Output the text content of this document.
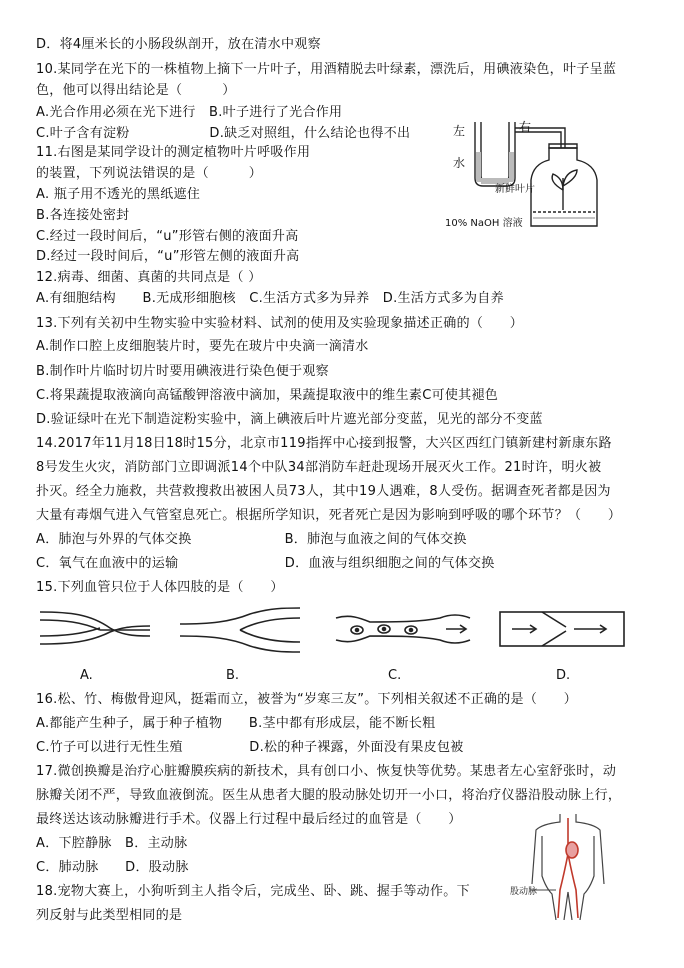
D．将4厘米长的小肠段纵剖开，放在清水中观察
10.某同学在光下的一株植物上摘下一片叶子，用酒精脱去叶绿素，漂洗后，用碘液染色，叶子呈蓝
色，他可以得出结论是（　　　）
A.光合作用必须在光下进行　B.叶子进行了光合作用
C.叶子含有淀粉　　　　　　D.缺乏对照组，什么结论也得不出
11.右图是某同学设计的测定植物叶片呼吸作用
的装置，下列说法错误的是（　　　）
A. 瓶子用不透光的黑纸遮住
B.各连接处密封
C.经过一段时间后，“u”形管右侧的液面升高
D.经过一段时间后，“u”形管左侧的液面升高
12.病毒、细菌、真菌的共同点是（ ）
A.有细胞结构　　B.无成形细胞核　C.生活方式多为异养　D.生活方式多为自养
13.下列有关初中生物实验中实验材料、试剂的使用及实验现象描述正确的（　　）
A.制作口腔上皮细胞装片时，要先在玻片中央滴一滴清水
B.制作叶片临时切片时要用碘液进行染色便于观察
C.将果蔬提取液滴向高锰酸钾溶液中滴加，果蔬提取液中的维生素C可使其褪色
D.验证绿叶在光下制造淀粉实验中，滴上碘液后叶片遮光部分变蓝，见光的部分不变蓝
14.2017年11月18日18时15分，北京市119指挥中心接到报警，大兴区西红门镇新建村新康东路
8号发生火灾，消防部门立即调派14个中队34部消防车赶赴现场开展灭火工作。21时许，明火被
扑灭。经全力施救，共营救搜救出被困人员73人，其中19人遇难，8人受伤。据调查死者都是因为
大量有毒烟气进入气管窒息死亡。根据所学知识，死者死亡是因为影响到呼吸的哪个环节？（　　）
A．肺泡与外界的气体交换　　　　　　　B．肺泡与血液之间的气体交换
C．氧气在血液中的运输　　　　　　　　D．血液与组织细胞之间的气体交换
15.下列血管只位于人体四肢的是（　　）
A.	B.	C.	D.
16.松、竹、梅傲骨迎风，挺霜而立，被誉为“岁寒三友”。下列相关叙述不正确的是（　　）
A.都能产生种子，属于种子植物　　B.茎中都有形成层，能不断长粗
C.竹子可以进行无性生殖　　　　　D.松的种子裸露，外面没有果皮包被
17.微创换瓣是治疗心脏瓣膜疾病的新技术，具有创口小、恢复快等优势。某患者左心室舒张时，动
脉瓣关闭不严，导致血液倒流。医生从患者大腿的股动脉处切开一小口，将治疗仪器沿股动脉上行，
最终送达该动脉瓣进行手术。仪器上行过程中最后经过的血管是（　　）
A．下腔静脉　B．主动脉
C．肺动脉　　D．股动脉
18.宠物大赛上，小狗听到主人指令后，完成坐、卧、跳、握手等动作。下
列反射与此类型相同的是
左	右
水
新鲜叶片
10% NaOH 溶液
股动脉
